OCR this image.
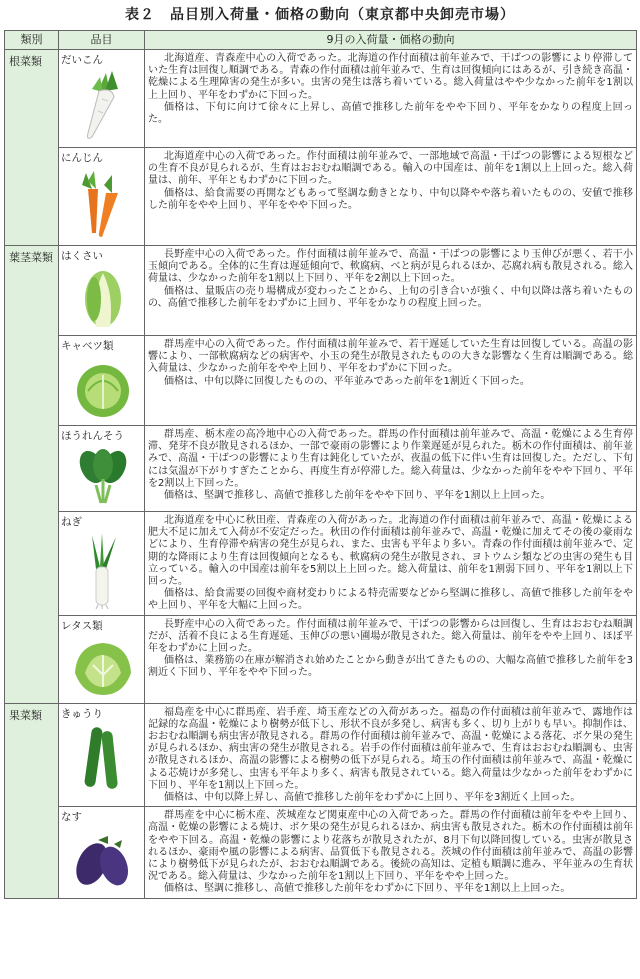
表２　品目別入荷量・価格の動向（東京都中央卸売市場）
類別	品目	9月の入荷量・価格の動向
根菜類	だいこん	北海道産、青森産中心の入荷であった。北海道の作付面積は前年並みで、干ばつの影響により停滞していた生育は回復し順調である。青森の作付面積は前年並みで、生育は回復傾向にはあるが、引き続き高温・乾燥による生理障害の発生が多い。虫害の発生は落ち着いている。総入荷量はやや少なかった前年を1割以上上回り、平年をわずかに下回った。

価格は、下旬に向けて徐々に上昇し、高値で推移した前年をやや下回り、平年をかなりの程度上回った。

	にんじん	北海道産中心の入荷であった。作付面積は前年並みで、一部地域で高温・干ばつの影響による短根などの生育不良が見られるが、生育はおおむね順調である。輸入の中国産は、前年を1割以上上回った。総入荷量は、前年、平年ともわずかに下回った。

価格は、給食需要の再開などもあって堅調な動きとなり、中旬以降やや落ち着いたものの、安値で推移した前年をやや上回り、平年をやや下回った。

葉茎菜類	はくさい	長野産中心の入荷であった。作付面積は前年並みで、高温・干ばつの影響により玉伸びが悪く、若干小玉傾向である。全体的に生育は遅延傾向で、軟腐病、べと病が見られるほか、芯腐れ病も散見される。総入荷量は、少なかった前年を1割以上下回り、平年を2割以上下回った。

価格は、量販店の売り場構成が変わったことから、上旬の引き合いが強く、中旬以降は落ち着いたものの、高値で推移した前年をわずかに上回り、平年をかなりの程度上回った。

	キャベツ類	群馬産中心の入荷であった。作付面積は前年並みで、若干遅延していた生育は回復している。高温の影響により、一部軟腐病などの病害や、小玉の発生が散見されたものの大きな影響なく生育は順調である。総入荷量は、少なかった前年をやや上回り、平年をわずかに下回った。

価格は、中旬以降に回復したものの、平年並みであった前年を1割近く下回った。

	ほうれんそう	群馬産、栃木産の高冷地中心の入荷であった。群馬の作付面積は前年並みで、高温・乾燥による生育停滞、発芽不良が散見されるほか、一部で豪雨の影響により作業遅延が見られた。栃木の作付面積は、前年並みで、高温・干ばつの影響により生育は鈍化していたが、夜温の低下に伴い生育は回復した。ただし、下旬には気温が下がりすぎたことから、再度生育が停滞した。総入荷量は、少なかった前年をやや下回り、平年を2割以上下回った。

価格は、堅調で推移し、高値で推移した前年をやや下回り、平年を1割以上上回った。

	ねぎ	北海道産を中心に秋田産、青森産の入荷があった。北海道の作付面積は前年並みで、高温・乾燥による肥大不足に加えて入荷が不安定だった。秋田の作付面積は前年並みで、高温・乾燥に加えてその後の豪雨などにより、生育停滞や病害の発生が見られ、また、虫害も平年より多い。青森の作付面積は前年並みで、定期的な降雨により生育は回復傾向となるも、軟腐病の発生が散見され、ヨトウムシ類などの虫害の発生も目立っている。輸入の中国産は前年を5割以上上回った。総入荷量は、前年を1割弱下回り、平年を1割以上下回った。

価格は、給食需要の回復や商材変わりによる特売需要などから堅調に推移し、高値で推移した前年をやや上回り、平年を大幅に上回った。

	レタス類	長野産中心の入荷であった。作付面積は前年並みで、干ばつの影響からは回復し、生育はおおむね順調だが、活着不良による生育遅延、玉伸びの悪い圃場が散見された。総入荷量は、前年をやや上回り、ほぼ平年をわずかに上回った。

価格は、業務筋の在庫が解消され始めたことから動きが出てきたものの、大幅な高値で推移した前年を3割近く下回り、平年をやや下回った。

果菜類	きゅうり	福島産を中心に群馬産、岩手産、埼玉産などの入荷があった。福島の作付面積は前年並みで、露地作は記録的な高温・乾燥により樹勢が低下し、形状不良が多発し、病害も多く、切り上がりも早い。抑制作は、おおむね順調も病虫害が散見される。群馬の作付面積は前年並みで、高温・乾燥による落花、ボケ果の発生が見られるほか、病虫害の発生が散見される。岩手の作付面積は前年並みで、生育はおおむね順調も、虫害が散見されるほか、高温の影響による樹勢の低下が見られる。埼玉の作付面積は前年並みで、高温・乾燥による芯焼けが多発し、虫害も平年より多く、病害も散見されている。総入荷量は少なかった前年をわずかに下回り、平年を1割以上下回った。

価格は、中旬以降上昇し、高値で推移した前年をわずかに上回り、平年を3割近く上回った。

	なす	群馬産を中心に栃木産、茨城産など関東産中心の入荷であった。群馬の作付面積は前年をやや上回り、高温・乾燥の影響による焼け、ボケ果の発生が見られるほか、病虫害も散見された。栃木の作付面積は前年をやや下回る。高温・乾燥の影響により花落ちが散見されたが、8月下旬以降回復している。虫害が散見されるほか、豪雨や風の影響による病害、品質低下も散見される。茨城の作付面積は前年並みで、高温の影響により樹勢低下が見られたが、おおむね順調である。後続の高知は、定植も順調に進み、平年並みの生育状況である。総入荷量は、少なかった前年を1割以上下回り、平年をやや上回った。

価格は、堅調に推移し、高値で推移した前年をわずかに下回り、平年を1割以上上回った。
